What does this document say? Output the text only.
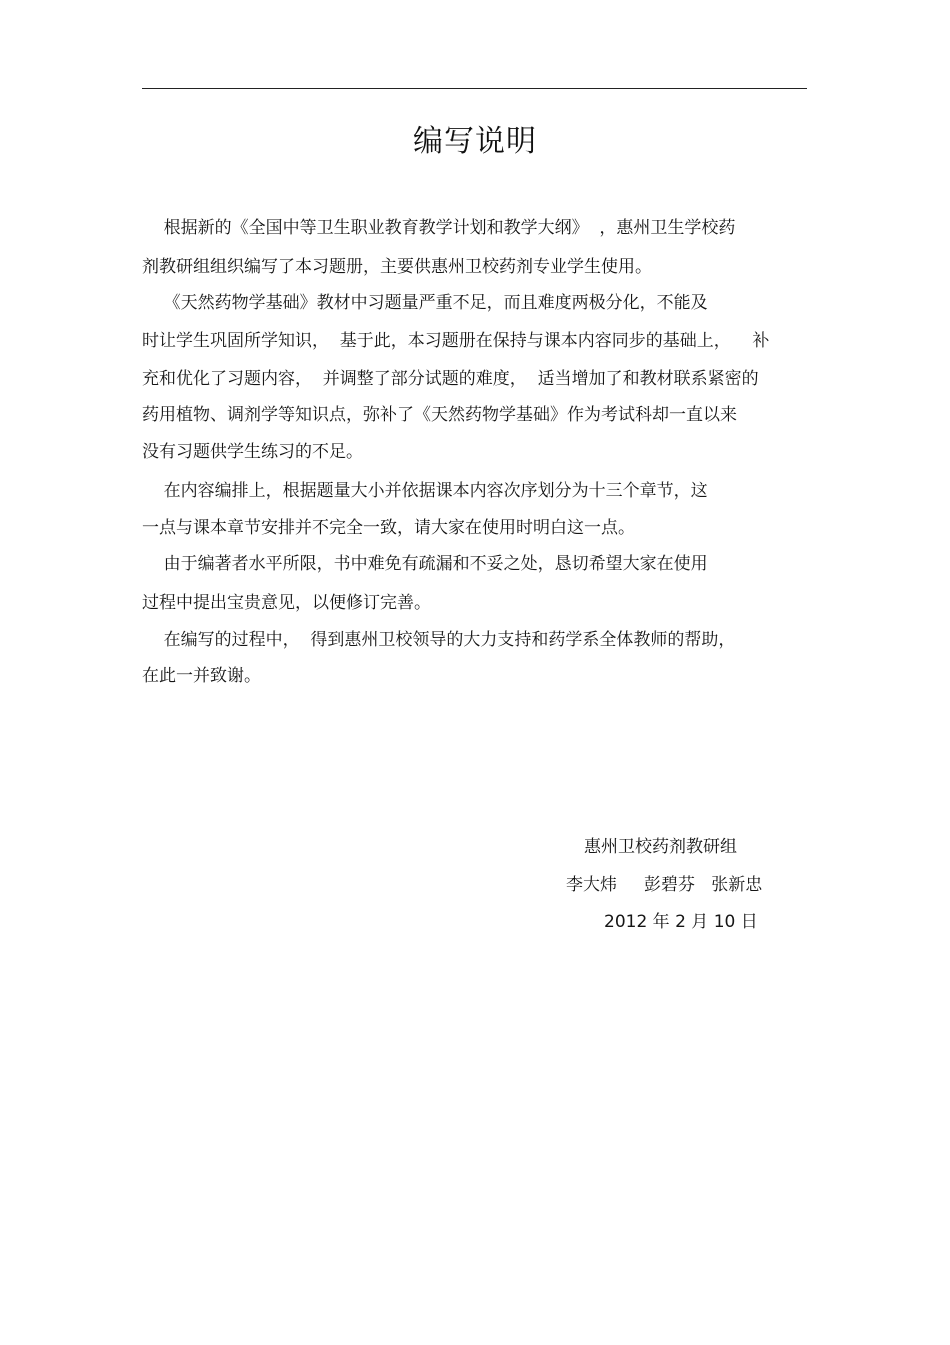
编写说明
根据新的《全国中等卫生职业教育教学计划和教学大纲》  ，惠州卫生学校药
剂教研组组织编写了本习题册，主要供惠州卫校药剂专业学生使用。
《天然药物学基础》教材中习题量严重不足，而且难度两极分化，不能及
时让学生巩固所学知识，  基于此，本习题册在保持与课本内容同步的基础上，    补
充和优化了习题内容，  并调整了部分试题的难度，  适当增加了和教材联系紧密的
药用植物、调剂学等知识点，弥补了《天然药物学基础》作为考试科却一直以来
没有习题供学生练习的不足。
在内容编排上，根据题量大小并依据课本内容次序划分为十三个章节，这
一点与课本章节安排并不完全一致，请大家在使用时明白这一点。
由于编著者水平所限，书中难免有疏漏和不妥之处，恳切希望大家在使用
过程中提出宝贵意见，以便修订完善。
在编写的过程中，  得到惠州卫校领导的大力支持和药学系全体教师的帮助，
在此一并致谢。
惠州卫校药剂教研组
李大炜     彭碧芬   张新忠
2012 年 2 月 10 日
